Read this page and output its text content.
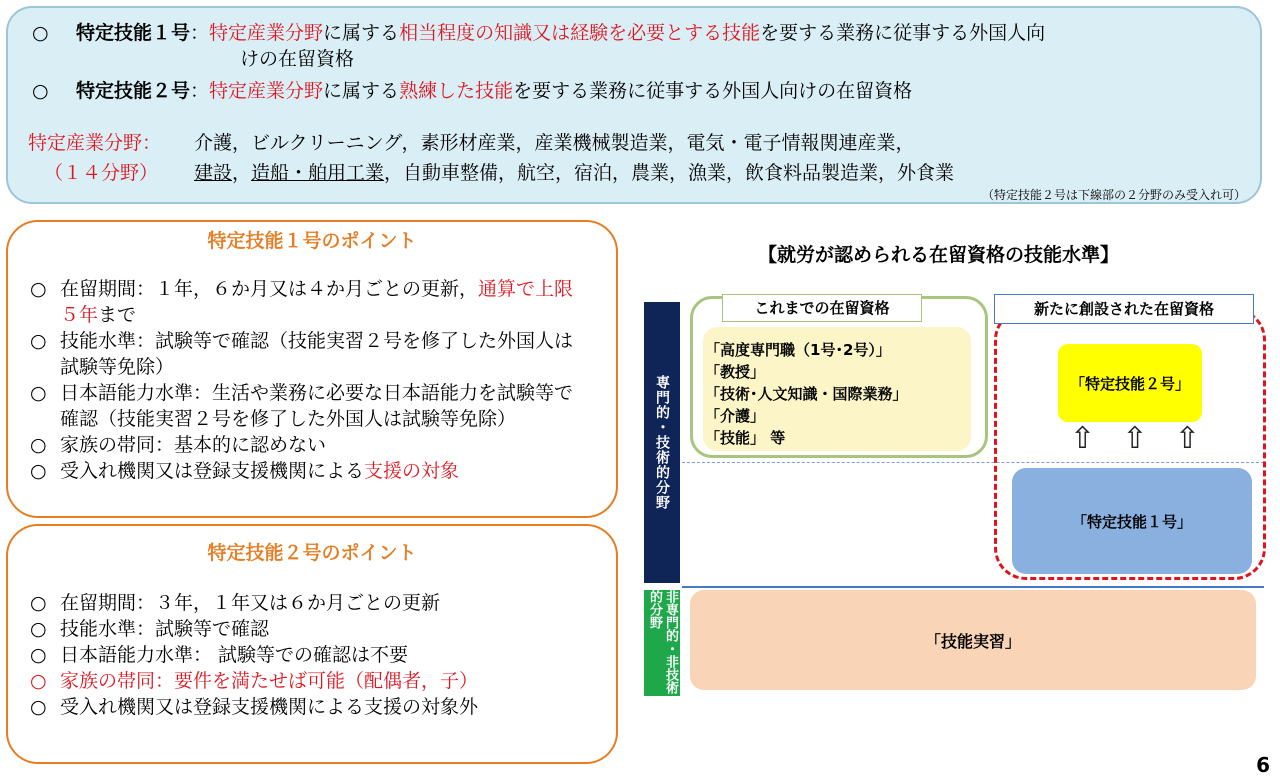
○ 特定技能１号：特定産業分野に属する相当程度の知識又は経験を必要とする技能を要する業務に従事する外国人向
けの在留資格
○ 特定技能２号：特定産業分野に属する熟練した技能を要する業務に従事する外国人向けの在留資格
特定産業分野：
（１４分野）
介護，ビルクリーニング，素形材産業，産業機械製造業，電気・電子情報関連産業，
建設，造船・舶用工業，自動車整備，航空，宿泊，農業，漁業，飲食料品製造業，外食業
（特定技能２号は下線部の２分野のみ受入れ可）
特定技能１号のポイント
○ 在留期間：１年，６か月又は４か月ごとの更新，通算で上限５年まで
○ 技能水準：試験等で確認（技能実習２号を修了した外国人は試験等免除）
○ 日本語能力水準：生活や業務に必要な日本語能力を試験等で確認（技能実習２号を修了した外国人は試験等免除）
○ 家族の帯同：基本的に認めない
○ 受入れ機関又は登録支援機関による支援の対象
特定技能２号のポイント
○ 在留期間：３年，１年又は６か月ごとの更新
○ 技能水準：試験等で確認
○ 日本語能力水準： 試験等での確認は不要
○ 家族の帯同：要件を満たせば可能（配偶者，子）
○ 受入れ機関又は登録支援機関による支援の対象外
【就労が認められる在留資格の技能水準】
専門的・技術的分野
非専門的・非技術的分野
「高度専門職（1号･2号）」
「教授」
「技術･人文知識・国際業務」
「介護」
「技能」 等
これまでの在留資格	新たに創設された在留資格
「特定技能２号」
⇧ ⇧ ⇧
「特定技能１号」
「技能実習」
6
